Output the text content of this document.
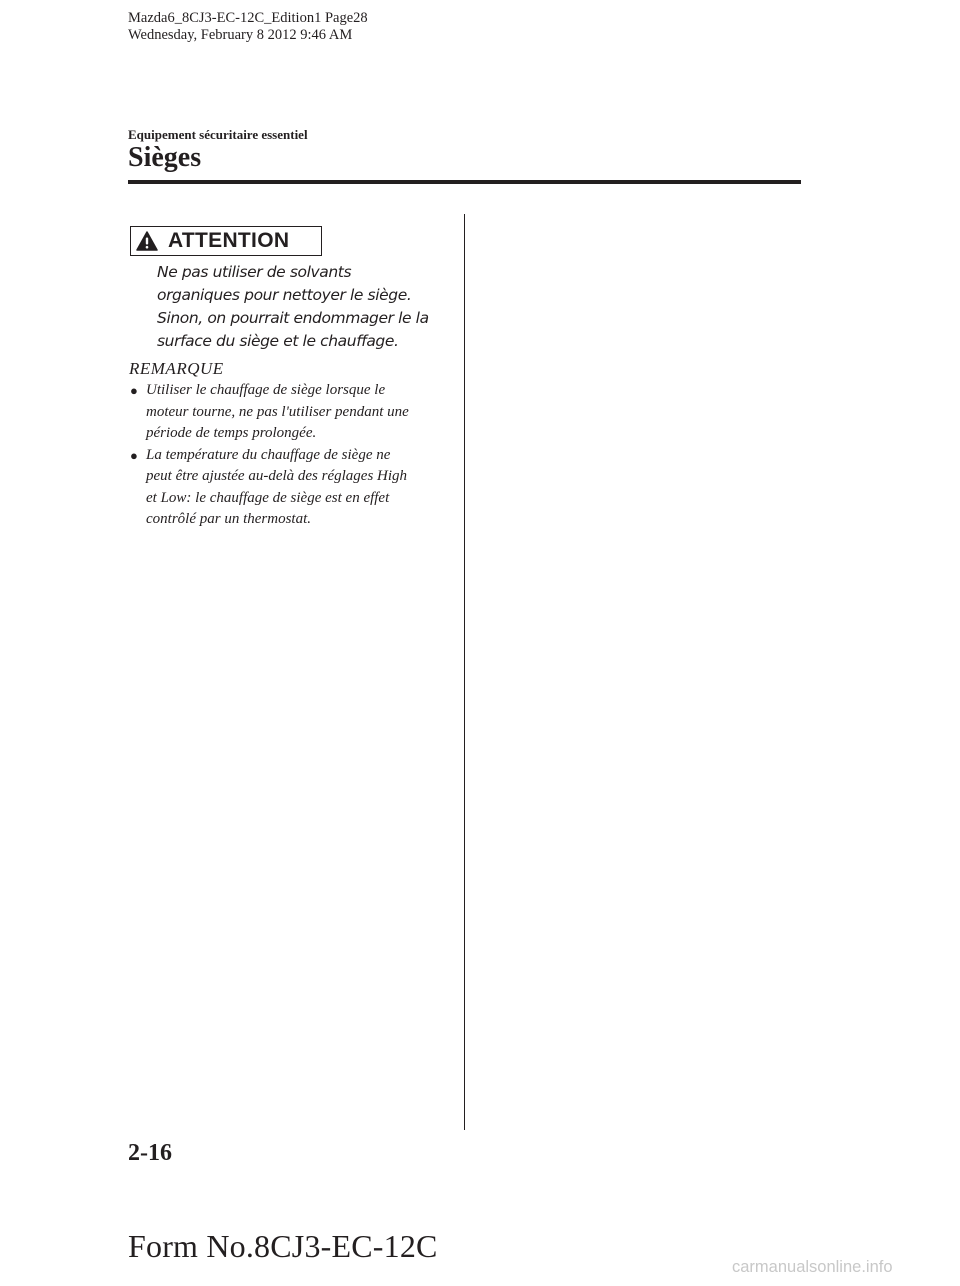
Mazda6_8CJ3-EC-12C_Edition1 Page28
Wednesday, February 8 2012 9:46 AM
Equipement sécuritaire essentiel
Sièges
ATTENTION
Ne pas utiliser de solvants
organiques pour nettoyer le siège.
Sinon, on pourrait endommager le la
surface du siège et le chauffage.
REMARQUE
● Utiliser le chauffage de siège lorsque le
moteur tourne, ne pas l'utiliser pendant une
période de temps prolongée.
● La température du chauffage de siège ne
peut être ajustée au-delà des réglages High
et Low: le chauffage de siège est en effet
contrôlé par un thermostat.
2-16
Form No.8CJ3-EC-12C
carmanualsonline.info
